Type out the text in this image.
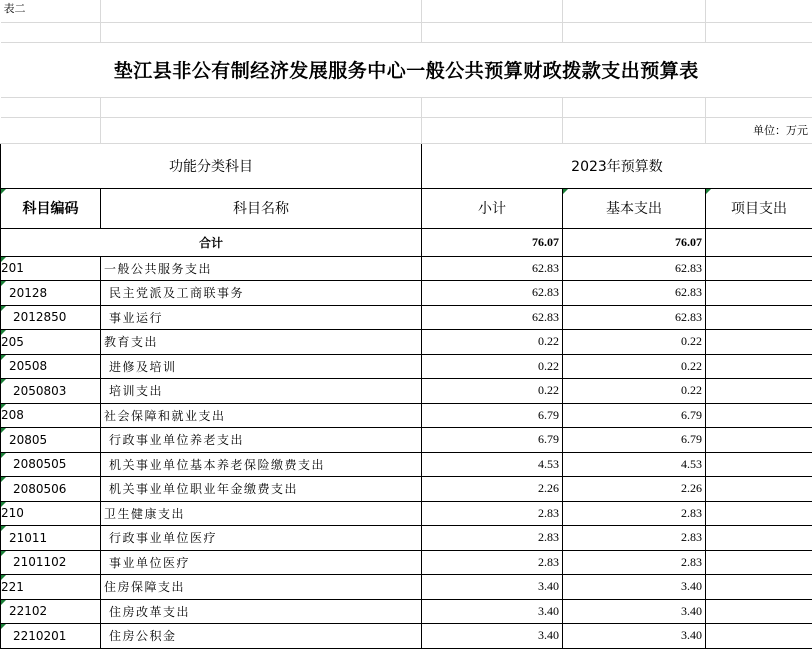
表二				

垫江县非公有制经济发展服务中心一般公共预算财政拨款支出预算表				

				单位：万元
功能分类科目		2023年预算数		
科目编码	科目名称	小计	基本支出	项目支出
合计		76.07	76.07	
201	一般公共服务支出	62.83	62.83	
20128	民主党派及工商联事务	62.83	62.83	
2012850	事业运行	62.83	62.83	
205	教育支出	0.22	0.22	
20508	进修及培训	0.22	0.22	
2050803	培训支出	0.22	0.22	
208	社会保障和就业支出	6.79	6.79	
20805	行政事业单位养老支出	6.79	6.79	
2080505	机关事业单位基本养老保险缴费支出	4.53	4.53	
2080506	机关事业单位职业年金缴费支出	2.26	2.26	
210	卫生健康支出	2.83	2.83	
21011	行政事业单位医疗	2.83	2.83	
2101102	事业单位医疗	2.83	2.83	
221	住房保障支出	3.40	3.40	
22102	住房改革支出	3.40	3.40	
2210201	住房公积金	3.40	3.40	
